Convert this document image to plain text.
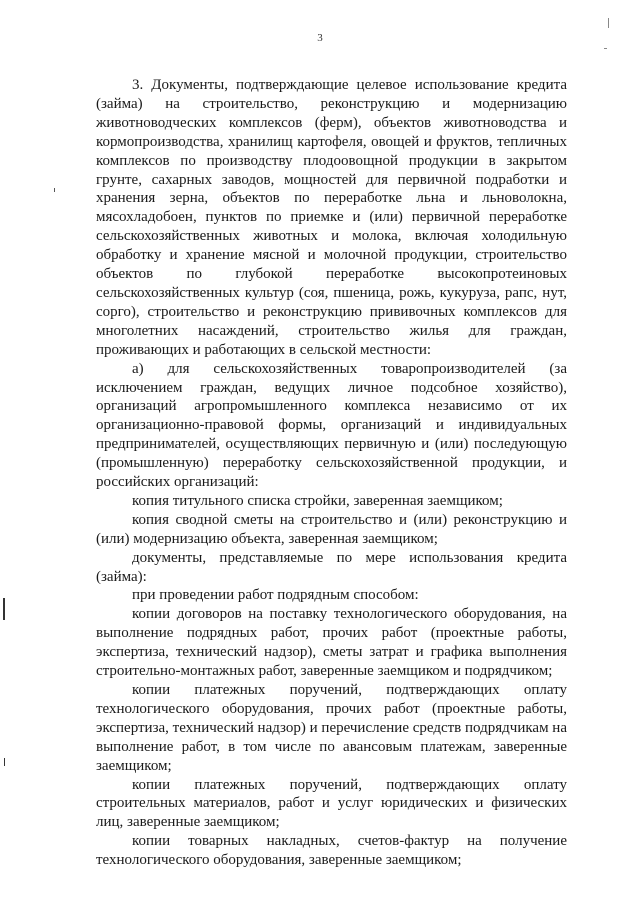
3

3. Документы, подтверждающие целевое использование кредита (займа) на строительство, реконструкцию и модернизацию животноводческих комплексов (ферм), объектов животноводства и кормопроизводства, хранилищ картофеля, овощей и фруктов, тепличных комплексов по производству плодоовощной продукции в закрытом грунте, сахарных заводов, мощностей для первичной подработки и хранения зерна, объектов по переработке льна и льноволокна, мясохладобоен, пунктов по приемке и (или) первичной переработке сельскохозяйственных животных и молока, включая холодильную обработку и хранение мясной и молочной продукции, строительство объектов по глубокой переработке высокопротеиновых сельскохозяйственных культур (соя, пшеница, рожь, кукуруза, рапс, нут, сорго), строительство и реконструкцию прививочных комплексов для многолетних насаждений, строительство жилья для граждан, проживающих и работающих в сельской местности:

а) для сельскохозяйственных товаропроизводителей (за исключением граждан, ведущих личное подсобное хозяйство), организаций агропромышленного комплекса независимо от их организационно-правовой формы, организаций и индивидуальных предпринимателей, осуществляющих первичную и (или) последующую (промышленную) переработку сельскохозяйственной продукции, и российских организаций:

копия титульного списка стройки, заверенная заемщиком;

копия сводной сметы на строительство и (или) реконструкцию и (или) модернизацию объекта, заверенная заемщиком;

документы, представляемые по мере использования кредита (займа):

при проведении работ подрядным способом:

копии договоров на поставку технологического оборудования, на выполнение подрядных работ, прочих работ (проектные работы, экспертиза, технический надзор), сметы затрат и графика выполнения строительно-монтажных работ, заверенные заемщиком и подрядчиком;

копии платежных поручений, подтверждающих оплату технологического оборудования, прочих работ (проектные работы, экспертиза, технический надзор) и перечисление средств подрядчикам на выполнение работ, в том числе по авансовым платежам, заверенные заемщиком;

копии платежных поручений, подтверждающих оплату строительных материалов, работ и услуг юридических и физических лиц, заверенные заемщиком;

копии товарных накладных, счетов-фактур на получение технологического оборудования, заверенные заемщиком;
